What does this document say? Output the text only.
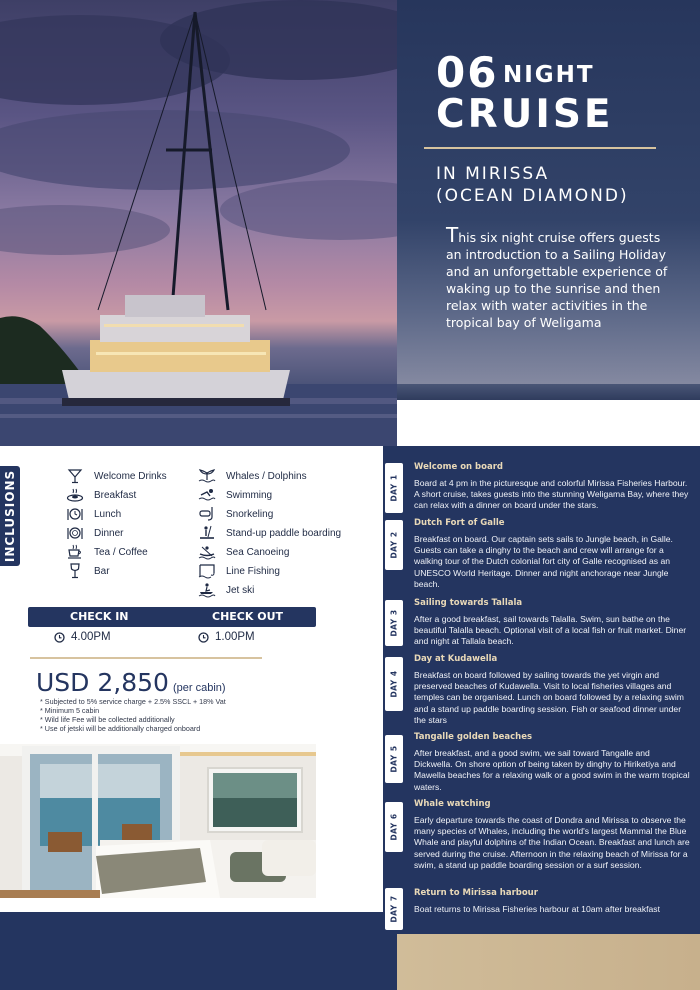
06 NIGHT
CRUISE
IN MIRISSA
(OCEAN DIAMOND)
This six night cruise offers guests an introduction to a Sailing Holiday and an unforgettable experience of waking up to the sunrise and then relax with water activities in the tropical bay of Weligama
INCLUSIONS	Welcome Drinks
Breakfast
Lunch
Dinner
Tea / Coffee
Bar
Whales / Dolphins
Swimming
Snorkeling
Stand-up paddle boarding
Sea Canoeing
Line Fishing
Jet ski
CHECK IN	CHECK OUT
4.00PM	1.00PM
USD 2,850 (per cabin)
* Subjected to 5% service charge + 2.5% SSCL + 18% Vat
* Minimum 5 cabin
* Wild life Fee will be collected additionally
* Use of jetski will be additionally charged onboard
DAY 1
Welcome on board
Board at 4 pm in the picturesque and colorful Mirissa Fisheries Harbour. A short cruise, takes guests into the stunning Weligama Bay, where they can relax with a dinner on board under the stars.
DAY 2
Dutch Fort of Galle
Breakfast on board. Our captain sets sails to Jungle beach, in Galle. Guests can take a dinghy to the beach and crew will arrange for a walking tour of the Dutch colonial fort city of Galle recognised as an UNESCO World Heritage. Dinner and night anchorage near Jungle beach.
DAY 3
Sailing towards Tallala
After a good breakfast, sail towards Talalla. Swim, sun bathe on the beautiful Talalla beach. Optional visit of a local fish or fruit market. Diner and night at Tallala beach.
DAY 4
Day at Kudawella
Breakfast on board followed by sailing towards the yet virgin and preserved beaches of Kudawella. Visit to local fisheries villages and temples can be organised. Lunch on board followed by a relaxing swim and a stand up paddle boarding session. Fish or seafood dinner under the stars
DAY 5
Tangalle golden beaches
After breakfast, and a good swim, we sail toward Tangalle and Dickwella. On shore option of being taken by dinghy to Hiriketiya and Mawella beaches for a relaxing walk or a good swim in the warm tropical waters.
DAY 6
Whale watching
Early departure towards the coast of Dondra and Mirissa to observe the many species of Whales, including the world's largest Mammal the Blue Whale and playful dolphins of the Indian Ocean. Breakfast and lunch are served during the cruise. Afternoon in the relaxing beach of Mirissa for a swim, a stand up paddle boarding session or a surf session.
DAY 7
Return to Mirissa harbour
Boat returns to Mirissa Fisheries harbour at 10am after breakfast
